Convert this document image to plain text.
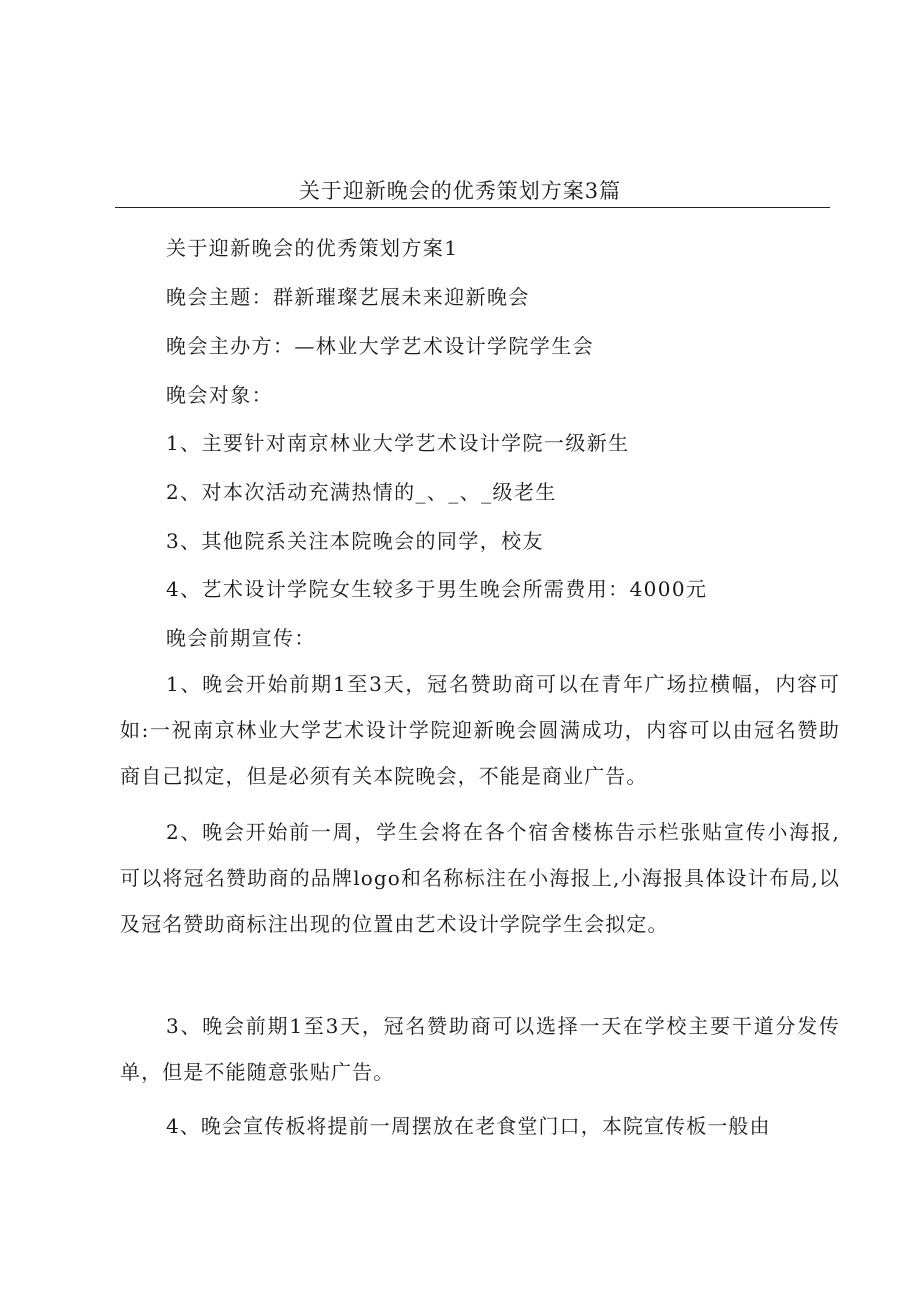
关于迎新晚会的优秀策划方案3篇
关于迎新晚会的优秀策划方案1
晚会主题：群新璀璨艺展未来迎新晚会
晚会主办方：—林业大学艺术设计学院学生会
晚会对象：
1、主要针对南京林业大学艺术设计学院一级新生
2、对本次活动充满热情的_、_、_级老生
3、其他院系关注本院晚会的同学，校友
4、艺术设计学院女生较多于男生晚会所需费用：4000元
晚会前期宣传：

1、晚会开始前期1至3天，冠名赞助商可以在青年广场拉横幅，内容可如:一祝南京林业大学艺术设计学院迎新晚会圆满成功，内容可以由冠名赞助商自己拟定，但是必须有关本院晚会，不能是商业广告。

2、晚会开始前一周，学生会将在各个宿舍楼栋告示栏张贴宣传小海报,可以将冠名赞助商的品牌logo和名称标注在小海报上,小海报具体设计布局,以及冠名赞助商标注出现的位置由艺术设计学院学生会拟定。

3、晚会前期1至3天，冠名赞助商可以选择一天在学校主要干道分发传单，但是不能随意张贴广告。

4、晚会宣传板将提前一周摆放在老食堂门口，本院宣传板一般由
